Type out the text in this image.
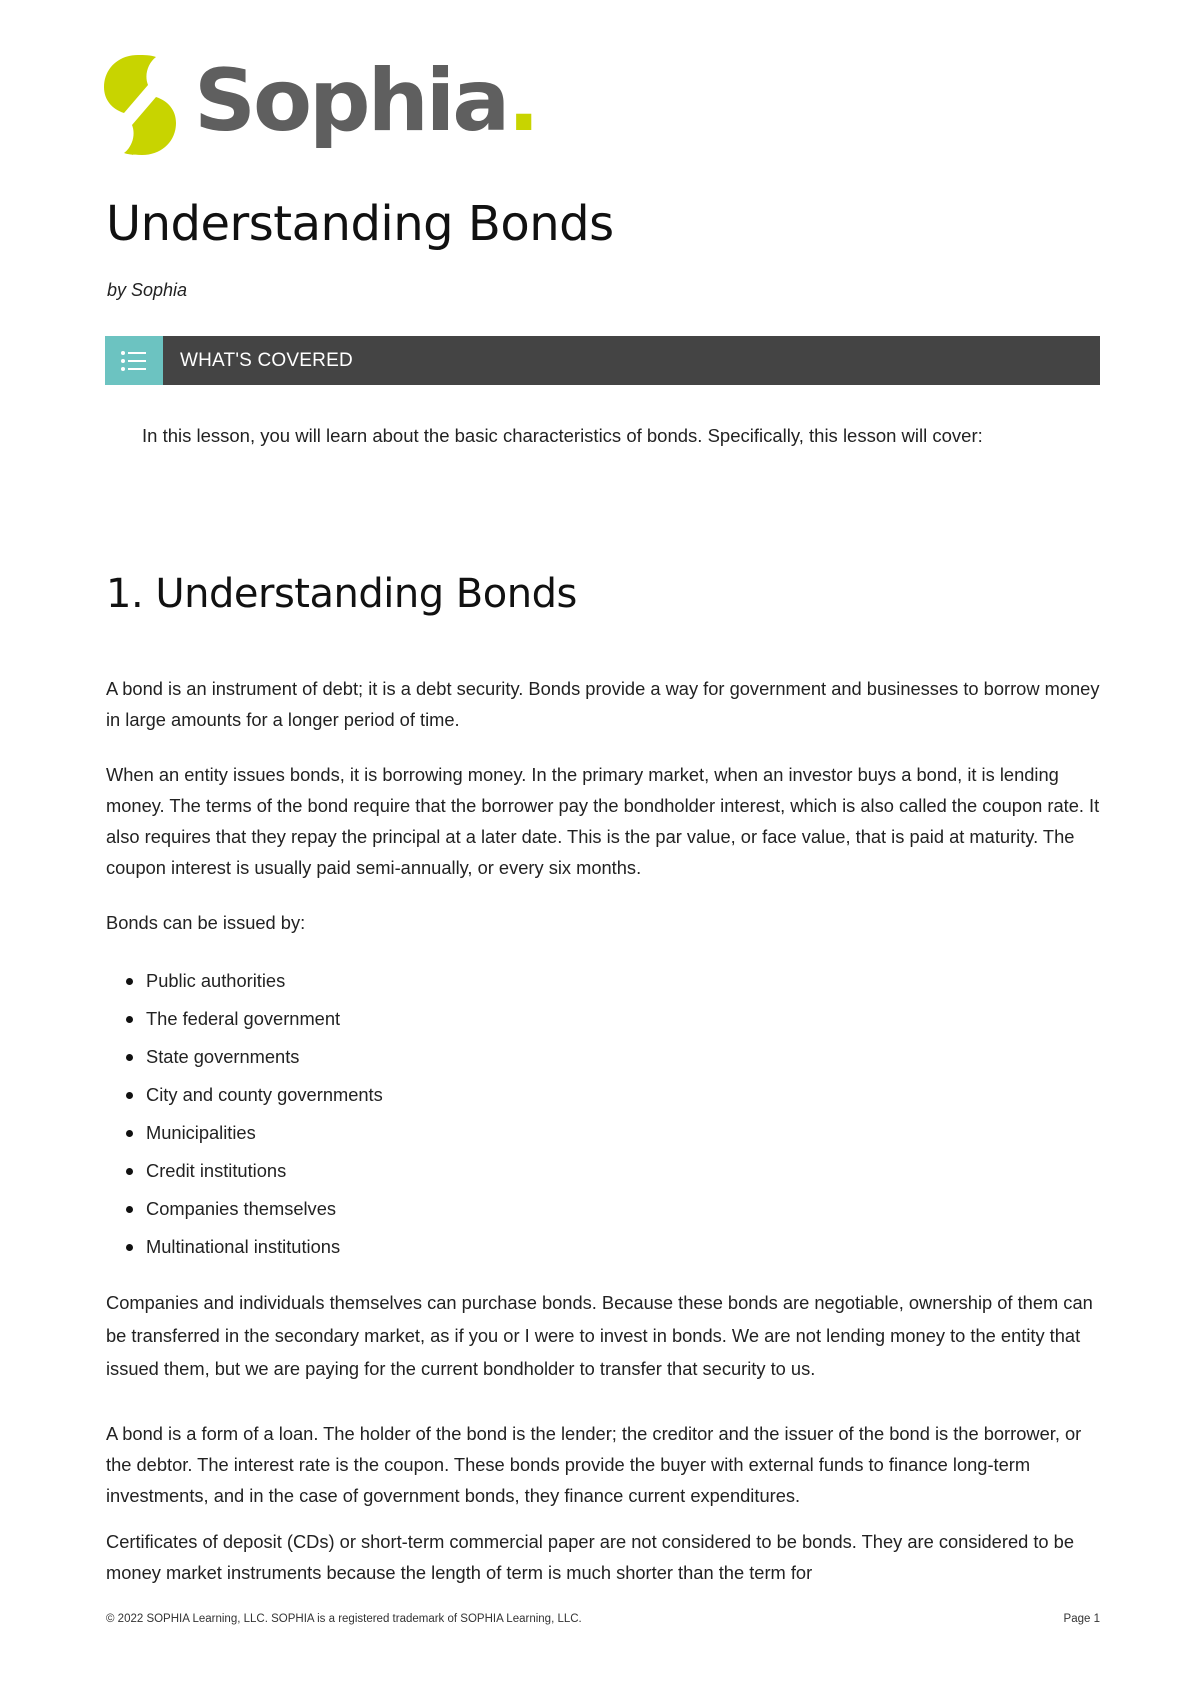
Sophia.
Understanding Bonds
by Sophia
WHAT'S COVERED

In this lesson, you will learn about the basic characteristics of bonds. Specifically, this lesson will cover:

1. Understanding Bonds

A bond is an instrument of debt; it is a debt security. Bonds provide a way for government and businesses to borrow money in large amounts for a longer period of time.

When an entity issues bonds, it is borrowing money. In the primary market, when an investor buys a bond, it is lending money. The terms of the bond require that the borrower pay the bondholder interest, which is also called the coupon rate. It also requires that they repay the principal at a later date. This is the par value, or face value, that is paid at maturity. The coupon interest is usually paid semi-annually, or every six months.

Bonds can be issued by:

Public authorities
The federal government
State governments
City and county governments
Municipalities
Credit institutions
Companies themselves
Multinational institutions

Companies and individuals themselves can purchase bonds. Because these bonds are negotiable, ownership of them can be transferred in the secondary market, as if you or I were to invest in bonds. We are not lending money to the entity that issued them, but we are paying for the current bondholder to transfer that security to us.

A bond is a form of a loan. The holder of the bond is the lender; the creditor and the issuer of the bond is the borrower, or the debtor. The interest rate is the coupon. These bonds provide the buyer with external funds to finance long-term investments, and in the case of government bonds, they finance current expenditures.

Certificates of deposit (CDs) or short-term commercial paper are not considered to be bonds. They are considered to be money market instruments because the length of term is much shorter than the term for

© 2022 SOPHIA Learning, LLC. SOPHIA is a registered trademark of SOPHIA Learning, LLC.	Page 1
